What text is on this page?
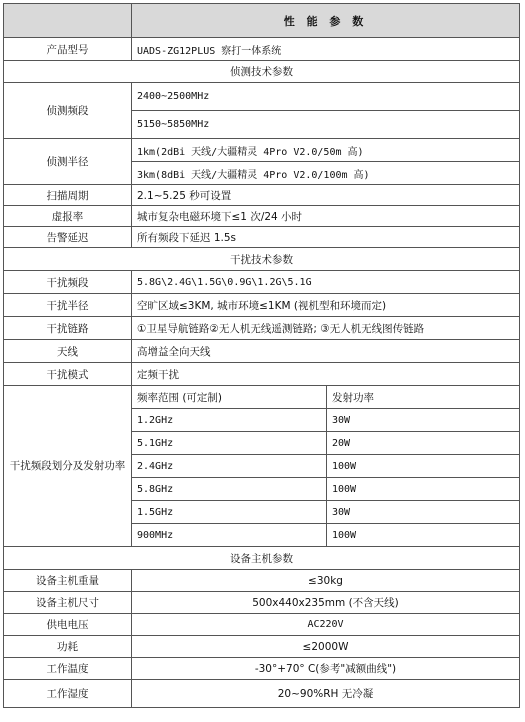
	性 能 参 数	
产品型号	UADS-ZG12PLUS 察打一体系统	
侦测技术参数		
侦测频段	2400~2500MHz	
	5150~5850MHz	
侦测半径	1km(2dBi 天线/大疆精灵 4Pro V2.0/50m 高)	
	3km(8dBi 天线/大疆精灵 4Pro V2.0/100m 高)	
扫描周期	2.1~5.25 秒可设置	
虚报率	城市复杂电磁环境下≤1 次/24 小时	
告警延迟	所有频段下延迟 1.5s	
干扰技术参数		
干扰频段	5.8G\2.4G\1.5G\0.9G\1.2G\5.1G	
干扰半径	空旷区域≤3KM, 城市环境≤1KM (视机型和环境而定)	
干扰链路	①卫星导航链路②无人机无线遥测链路; ③无人机无线图传链路	
天线	高增益全向天线	
干扰模式	定频干扰	
干扰频段划分及发射功率	频率范围 (可定制)	发射功率
	1.2GHz	30W
	5.1GHz	20W
	2.4GHz	100W
	5.8GHz	100W
	1.5GHz	30W
	900MHz	100W
设备主机参数		
设备主机重量	≤30kg	
设备主机尺寸	500x440x235mm (不含天线)	
供电电压	AC220V	
功耗	≤2000W	
工作温度	-30°+70° C(参考"减额曲线")	
工作湿度	20~90%RH 无冷凝	
